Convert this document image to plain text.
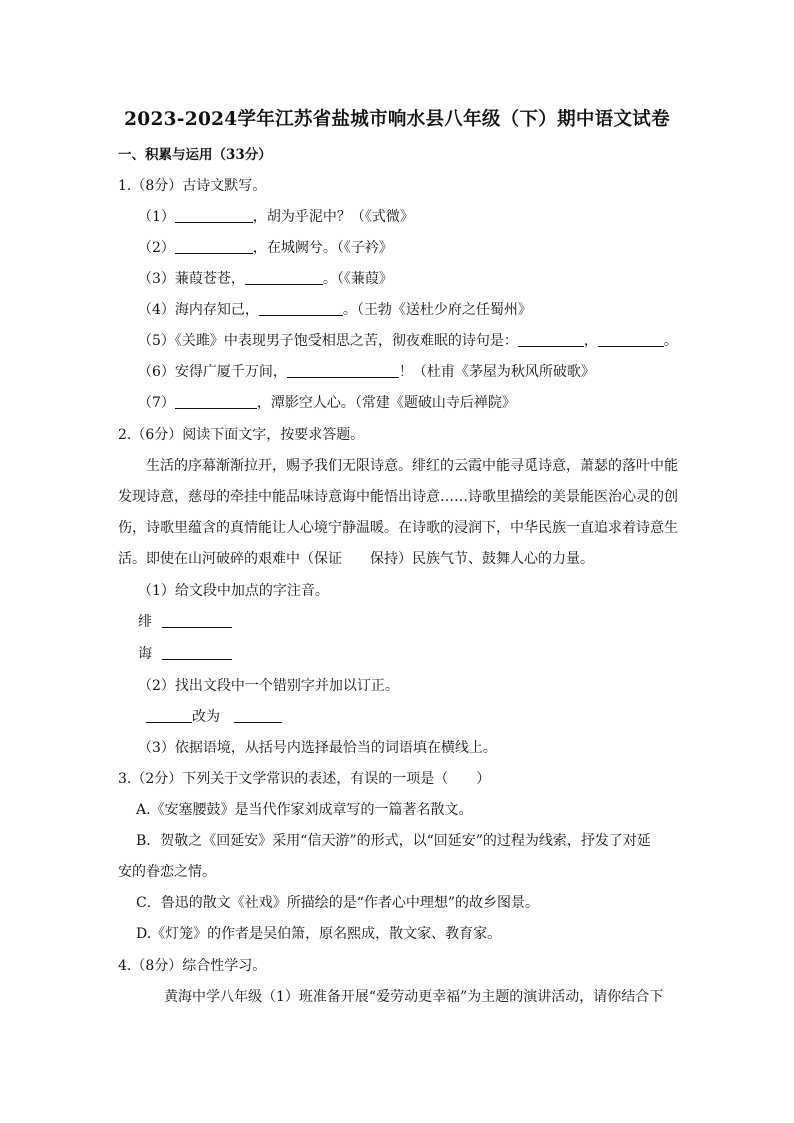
2023-2024学年江苏省盐城市响水县八年级（下）期中语文试卷
一、积累与运用（33分）
1.（8分）古诗文默写。
（1）	，胡为乎泥中？（《式微》
（2）	，在城阙兮。（《子衿》
（3）蒹葭苍苍，	。（《蒹葭》
（4）海内存知己，	。（王勃《送杜少府之任蜀州》
（5）《关雎》中表现男子饱受相思之苦，彻夜难眠的诗句是：	，	。
（6）安得广厦千万间，	！（杜甫《茅屋为秋风所破歌》
（7）	，潭影空人心。（常建《题破山寺后禅院》
2.（6分）阅读下面文字，按要求答题。
生活的序幕渐渐拉开，赐予我们无限诗意。绯红的云霞中能寻觅诗意，萧瑟的落叶中能
发现诗意，慈母的牵挂中能品味诗意诲中能悟出诗意……诗歌里描绘的美景能医治心灵的创
伤，诗歌里蕴含的真情能让人心境宁静温暖。在诗歌的浸润下，中华民族一直追求着诗意生
活。即使在山河破碎的艰难中（保证　　保持）民族气节、鼓舞人心的力量。
（1）给文段中加点的字注音。
绯
诲
（2）找出文段中一个错别字并加以订正。
改为
（3）依据语境，从括号内选择最恰当的词语填在横线上。
3.（2分）下列关于文学常识的表述，有误的一项是（　　）
A.《安塞腰鼓》是当代作家刘成章写的一篇著名散文。
B．贺敬之《回延安》采用“信天游”的形式，以“回延安”的过程为线索，抒发了对延
安的眷恋之情。
C．鲁迅的散文《社戏》所描绘的是“作者心中理想”的故乡图景。
D.《灯笼》的作者是吴伯箫，原名熙成，散文家、教育家。
4.（8分）综合性学习。
黄海中学八年级（1）班准备开展“爱劳动更幸福”为主题的演讲活动，请你结合下
